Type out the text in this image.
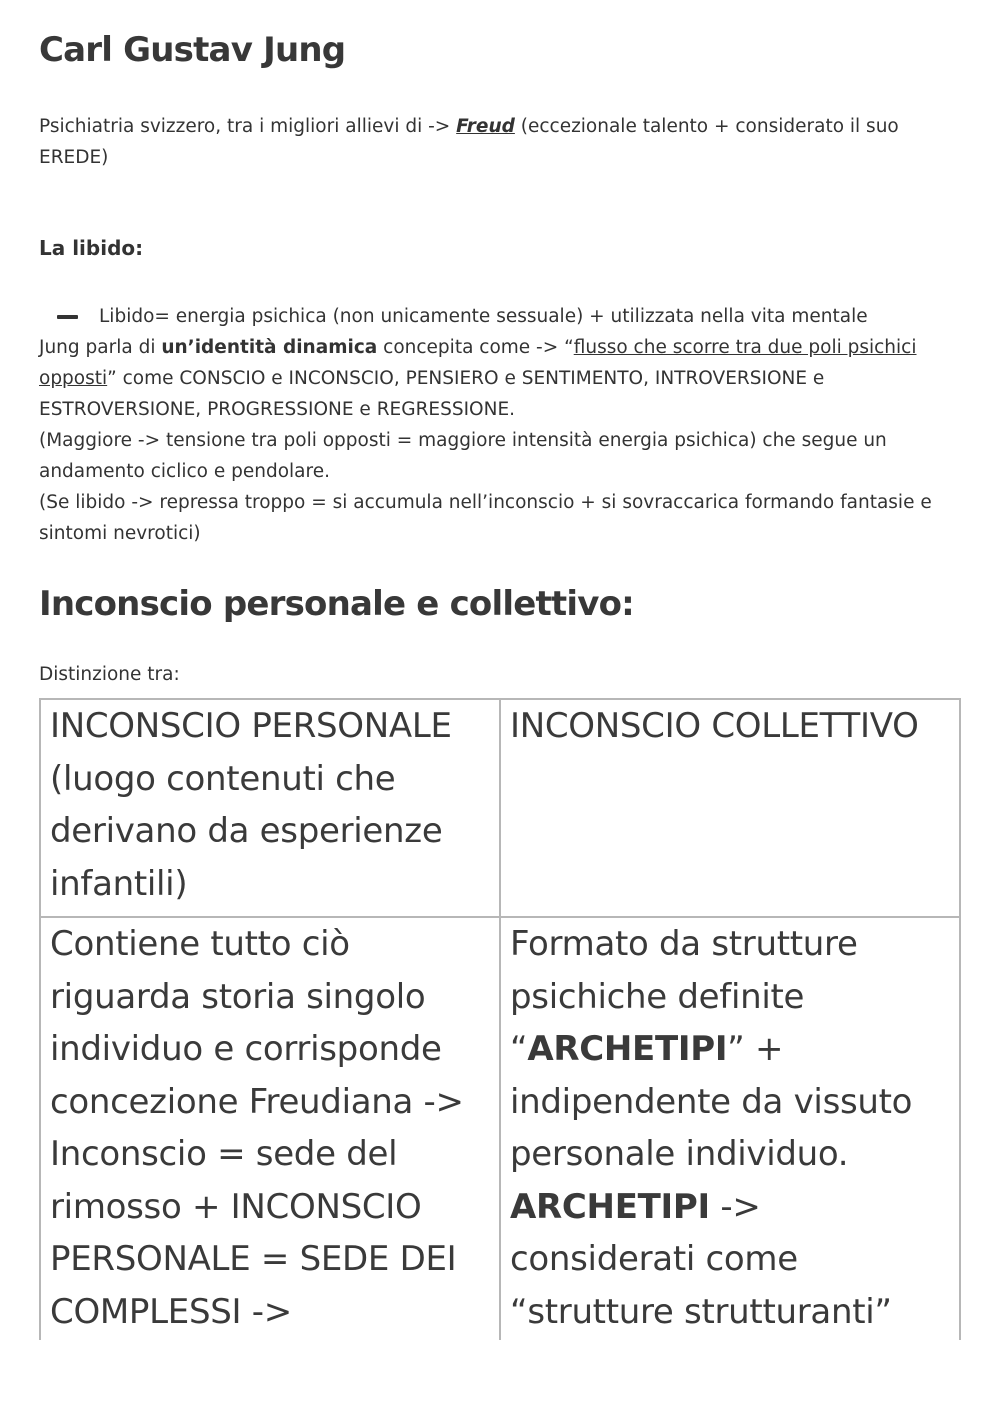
Carl Gustav Jung

Psichiatria svizzero, tra i migliori allievi di -> Freud (eccezionale talento + considerato il suo EREDE)

La libido:
Libido= energia psichica (non unicamente sessuale) + utilizzata nella vita mentale

Jung parla di un’identità dinamica concepita come -> “flusso che scorre tra due poli psichici opposti” come CONSCIO e INCONSCIO, PENSIERO e SENTIMENTO, INTROVERSIONE e ESTROVERSIONE, PROGRESSIONE e REGRESSIONE.

(Maggiore -> tensione tra poli opposti = maggiore intensità energia psichica) che segue un andamento ciclico e pendolare.

(Se libido -> repressa troppo = si accumula nell’inconscio + si sovraccarica formando fantasie e sintomi nevrotici)

Inconscio personale e collettivo:

Distinzione tra:

INCONSCIO PERSONALE (luogo contenuti che derivano da esperienze infantili)	INCONSCIO COLLETTIVO
Contiene tutto ciò riguarda storia singolo individuo e corrisponde concezione Freudiana -> Inconscio = sede del rimosso + INCONSCIO PERSONALE = SEDE DEI COMPLESSI ->	Formato da strutture psichiche definite “ARCHETIPI” + indipendente da vissuto personale individuo. ARCHETIPI -> considerati come “strutture strutturanti”
